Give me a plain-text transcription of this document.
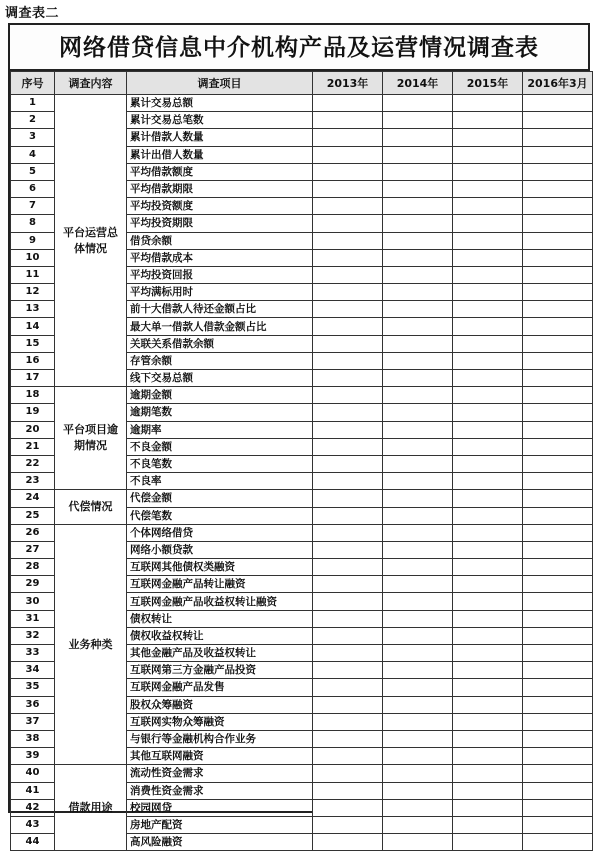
调查表二
网络借贷信息中介机构产品及运营情况调查表
序号	调查内容	调查项目	2013年	2014年	2015年	2016年3月
1	平台运营总体情况	累计交易总额				
2		累计交易总笔数				
3		累计借款人数量				
4		累计出借人数量				
5		平均借款额度				
6		平均借款期限				
7		平均投资额度				
8		平均投资期限				
9		借贷余额				
10		平均借款成本				
11		平均投资回报				
12		平均满标用时				
13		前十大借款人待还金额占比				
14		最大单一借款人借款金额占比				
15		关联关系借款余额				
16		存管余额				
17		线下交易总额				
18	平台项目逾期情况	逾期金额				
19		逾期笔数				
20		逾期率				
21		不良金额				
22		不良笔数				
23		不良率				
24	代偿情况	代偿金额				
25		代偿笔数				
26	业务种类	个体网络借贷				
27		网络小额贷款				
28		互联网其他债权类融资				
29		互联网金融产品转让融资				
30		互联网金融产品收益权转让融资				
31		债权转让				
32		债权收益权转让				
33		其他金融产品及收益权转让				
34		互联网第三方金融产品投资				
35		互联网金融产品发售				
36		股权众筹融资				
37		互联网实物众筹融资				
38		与银行等金融机构合作业务				
39		其他互联网融资				
40	借款用途	流动性资金需求				
41		消费性资金需求				
42		校园网贷				
43		房地产配资				
44		高风险融资				
